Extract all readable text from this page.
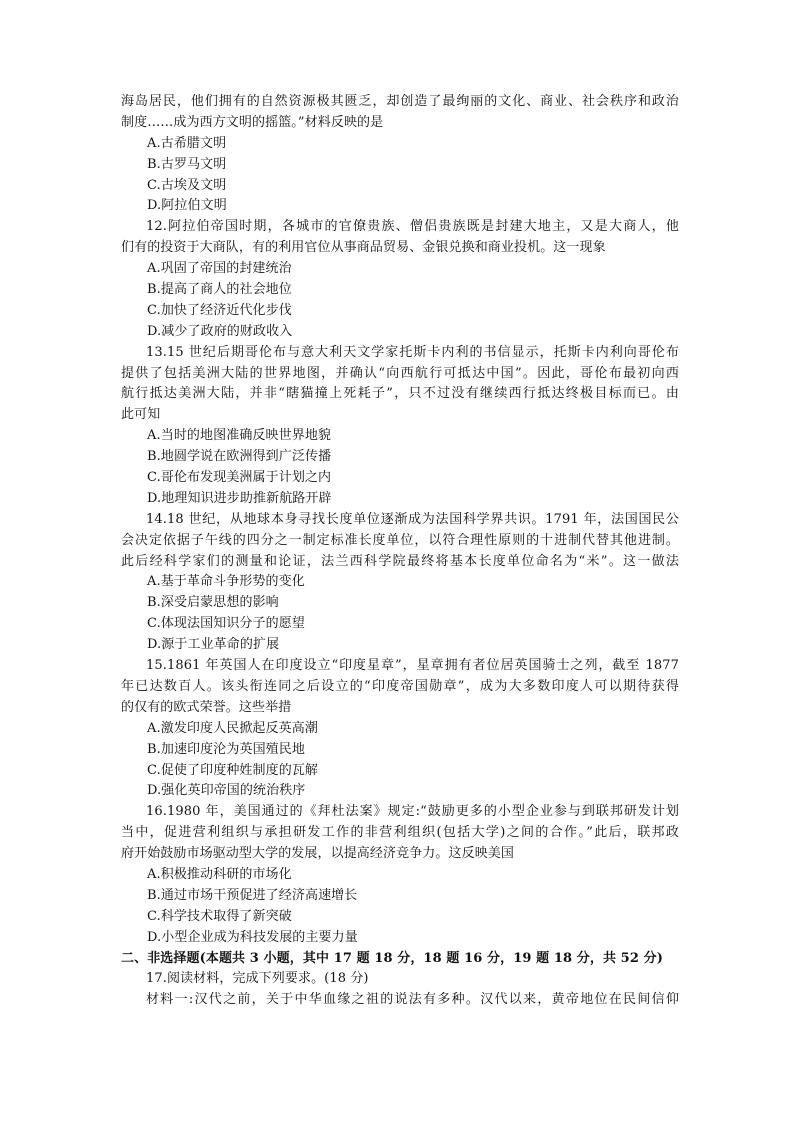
海岛居民，他们拥有的自然资源极其匮乏，却创造了最绚丽的文化、商业、社会秩序和政治
制度……成为西方文明的摇篮。”材料反映的是
A.古希腊文明
B.古罗马文明
C.古埃及文明
D.阿拉伯文明
12.阿拉伯帝国时期，各城市的官僚贵族、僧侣贵族既是封建大地主，又是大商人，他
们有的投资于大商队，有的利用官位从事商品贸易、金银兑换和商业投机。这一现象
A.巩固了帝国的封建统治
B.提高了商人的社会地位
C.加快了经济近代化步伐
D.减少了政府的财政收入
13.15 世纪后期哥伦布与意大利天文学家托斯卡内利的书信显示，托斯卡内利向哥伦布
提供了包括美洲大陆的世界地图，并确认“向西航行可抵达中国”。因此，哥伦布最初向西
航行抵达美洲大陆，并非“瞎猫撞上死耗子”，只不过没有继续西行抵达终极目标而已。由
此可知
A.当时的地图准确反映世界地貌
B.地圆学说在欧洲得到广泛传播
C.哥伦布发现美洲属于计划之内
D.地理知识进步助推新航路开辟
14.18 世纪，从地球本身寻找长度单位逐渐成为法国科学界共识。1791 年，法国国民公
会决定依据子午线的四分之一制定标准长度单位，以符合理性原则的十进制代替其他进制。
此后经科学家们的测量和论证，法兰西科学院最终将基本长度单位命名为“米”。这一做法
A.基于革命斗争形势的变化
B.深受启蒙思想的影响
C.体现法国知识分子的愿望
D.源于工业革命的扩展
15.1861 年英国人在印度设立“印度星章”，星章拥有者位居英国骑士之列，截至 1877
年已达数百人。该头衔连同之后设立的“印度帝国勋章”，成为大多数印度人可以期待获得
的仅有的欧式荣誉。这些举措
A.激发印度人民掀起反英高潮
B.加速印度沦为英国殖民地
C.促使了印度种姓制度的瓦解
D.强化英印帝国的统治秩序
16.1980 年，美国通过的《拜杜法案》规定:“鼓励更多的小型企业参与到联邦研发计划
当中，促进营利组织与承担研发工作的非营利组织(包括大学)之间的合作。”此后，联邦政
府开始鼓励市场驱动型大学的发展，以提高经济竞争力。这反映美国
A.积极推动科研的市场化
B.通过市场干预促进了经济高速增长
C.科学技术取得了新突破
D.小型企业成为科技发展的主要力量
二、非选择题(本题共 3 小题，其中 17 题 18 分，18 题 16 分，19 题 18 分，共 52 分)
17.阅读材料，完成下列要求。(18 分)
材料一:汉代之前，关于中华血缘之祖的说法有多种。汉代以来，黄帝地位在民间信仰
